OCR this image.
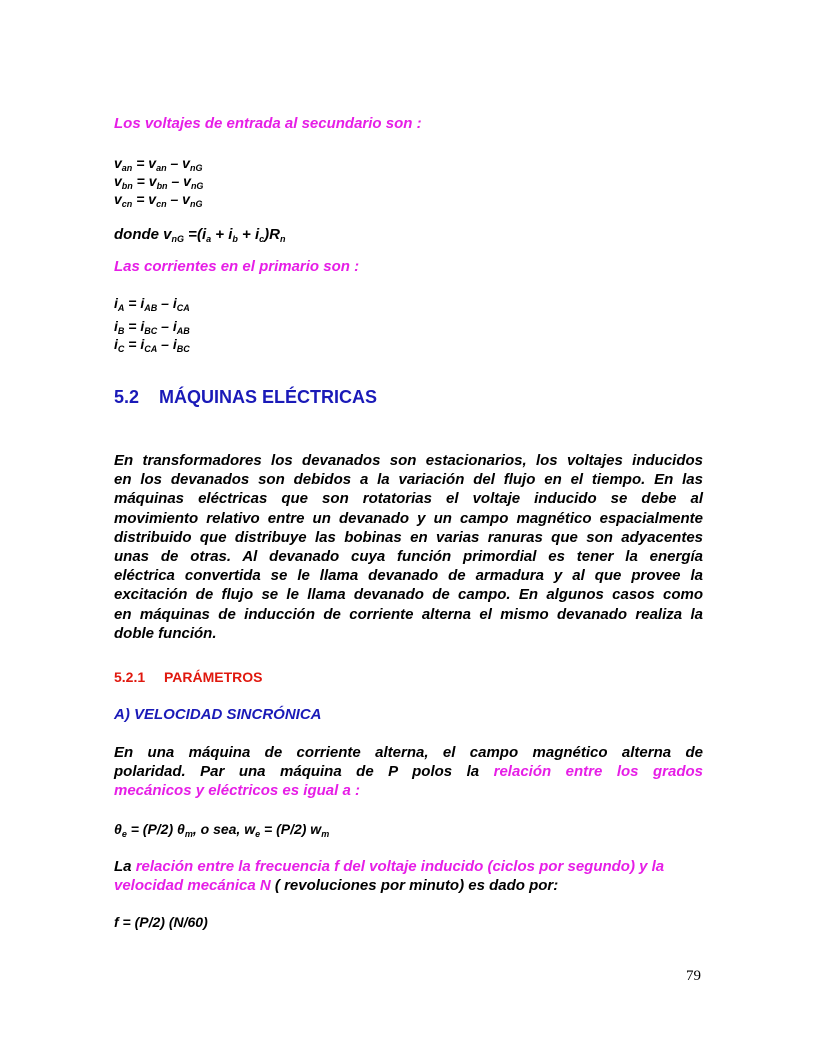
Los voltajes de entrada al secundario son :
$v_{an} = v_{an} - v_{nG}$
$v_{bn} = v_{bn} - v_{nG}$
$v_{cn} = v_{cn} - v_{nG}$
donde $v_{nG} =(i_a + i_b + i_c)R_n$
Las corrientes en el primario son :
$i_A = i_{AB} - i_{CA}$
$i_B = i_{BC} - i_{AB}$
$i_C = i_{CA} - i_{BC}$
5.2 MÁQUINAS ELÉCTRICAS
En transformadores los devanados son estacionarios, los voltajes inducidos
en los devanados son debidos a la variación del flujo en el tiempo. En las
máquinas eléctricas que son rotatorias el voltaje inducido se debe al
movimiento relativo entre un devanado y un campo magnético espacialmente
distribuido que distribuye las bobinas en varias ranuras que son adyacentes
unas de otras. Al devanado cuya función primordial es tener la energía
eléctrica convertida se le llama devanado de armadura y al que provee la
excitación de flujo se le llama devanado de campo. En algunos casos como
en máquinas de inducción de corriente alterna el mismo devanado realiza la
doble función.
5.2.1 PARÁMETROS
A) VELOCIDAD SINCRÓNICA
En una máquina de corriente alterna, el campo magnético alterna de
polaridad. Par una máquina de P polos la relación entre los grados
mecánicos y eléctricos es igual a :
$\theta_e = (P/2)$ $\theta_m$, o sea, $w_e = (P/2)$ $w_m$
La relación entre la frecuencia f del voltaje inducido (ciclos por segundo) y la
velocidad mecánica N ( revoluciones por minuto) es dado por:
f = (P/2) (N/60)
79
